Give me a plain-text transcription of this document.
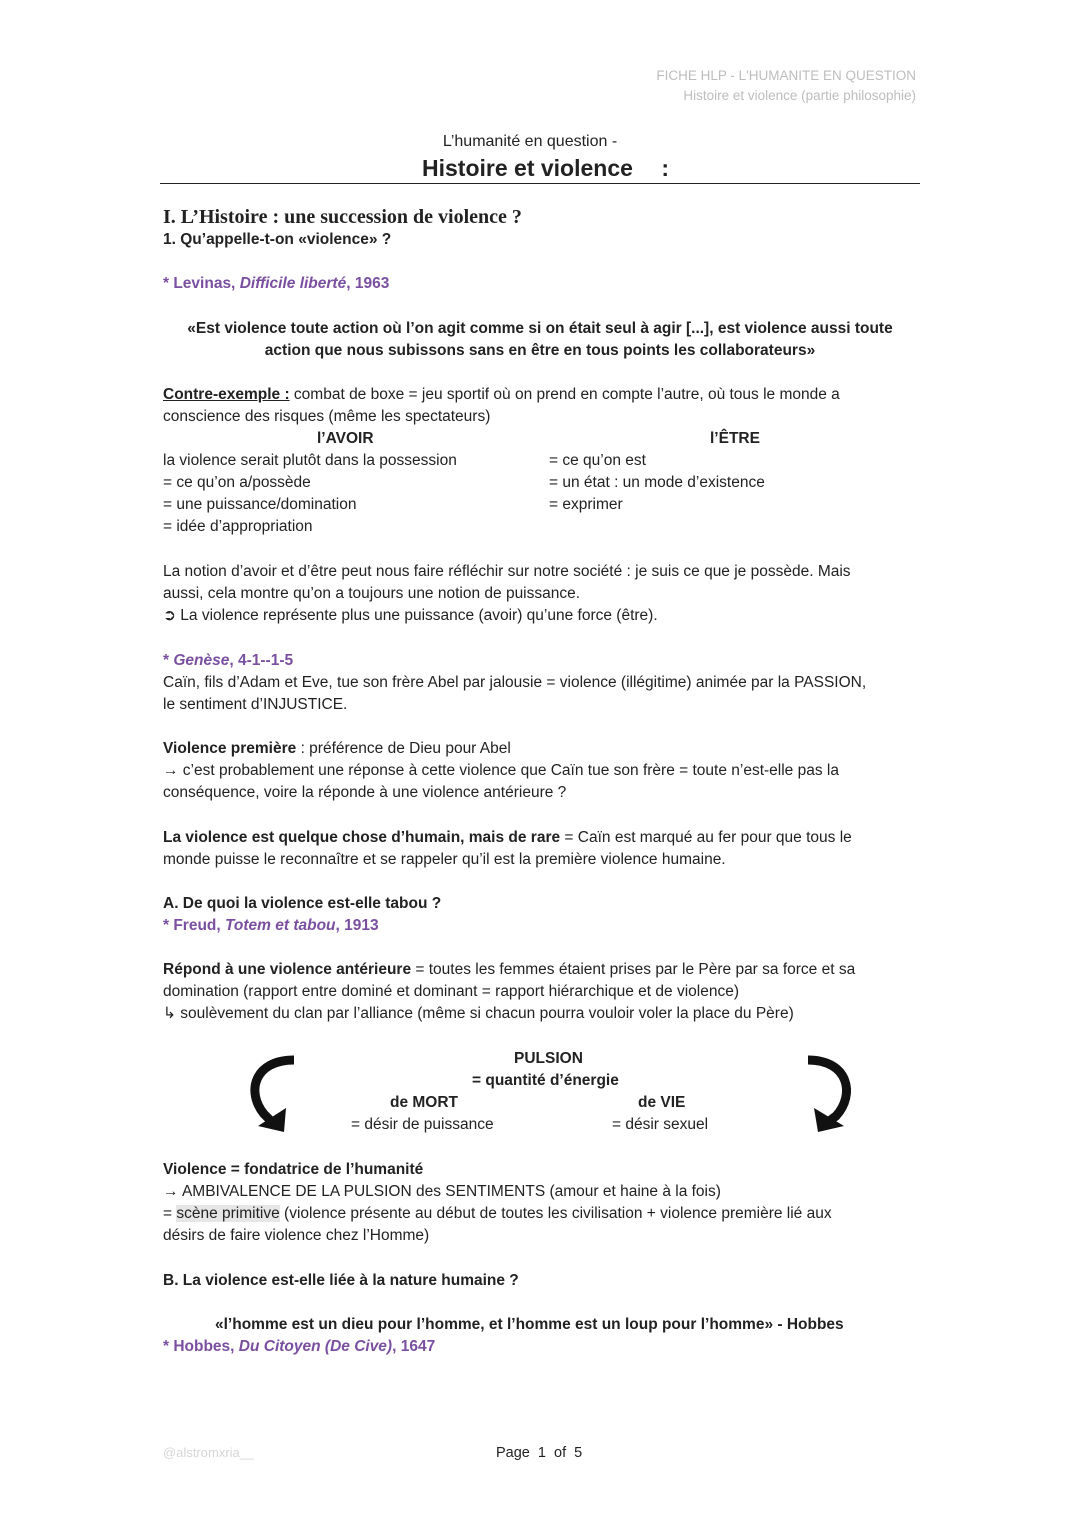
FICHE HLP - L'HUMANITE EN QUESTION
Histoire et violence (partie philosophie)
L’humanité en question -
Histoire et violence :
I. L’Histoire : une succession de violence ?
1. Qu’appelle-t-on «violence» ?
* Levinas, Difficile liberté, 1963
«Est violence toute action où l’on agit comme si on était seul à agir [...], est violence aussi toute
action que nous subissons sans en être en tous points les collaborateurs»
Contre-exemple : combat de boxe = jeu sportif où on prend en compte l’autre, où tous le monde a
conscience des risques (même les spectateurs)
l’AVOIR	l’ÊTRE
la violence serait plutôt dans la possession
= ce qu’on a/possède
= une puissance/domination
= idée d’appropriation
= ce qu’on est
= un état : un mode d’existence
= exprimer
La notion d’avoir et d’être peut nous faire réfléchir sur notre société : je suis ce que je possède. Mais
aussi, cela montre qu’on a toujours une notion de puissance.
➲ La violence représente plus une puissance (avoir) qu’une force (être).
* Genèse, 4-1--1-5
Caïn, fils d’Adam et Eve, tue son frère Abel par jalousie = violence (illégitime) animée par la PASSION,
le sentiment d’INJUSTICE.
Violence première : préférence de Dieu pour Abel
→ c’est probablement une réponse à cette violence que Caïn tue son frère = toute n’est-elle pas la
conséquence, voire la réponde à une violence antérieure ?
La violence est quelque chose d’humain, mais de rare = Caïn est marqué au fer pour que tous le
monde puisse le reconnaître et se rappeler qu’il est la première violence humaine.
A. De quoi la violence est-elle tabou ?
* Freud, Totem et tabou, 1913
Répond à une violence antérieure = toutes les femmes étaient prises par le Père par sa force et sa
domination (rapport entre dominé et dominant = rapport hiérarchique et de violence)
↳ soulèvement du clan par l’alliance (même si chacun pourra vouloir voler la place du Père)
PULSION
= quantité d’énergie
de MORT
= désir de puissance
de VIE
= désir sexuel
Violence = fondatrice de l’humanité
→ AMBIVALENCE DE LA PULSION des SENTIMENTS (amour et haine à la fois)
= scène primitive (violence présente au début de toutes les civilisation + violence première lié aux
désirs de faire violence chez l’Homme)
B. La violence est-elle liée à la nature humaine ?
«l’homme est un dieu pour l’homme, et l’homme est un loup pour l’homme» - Hobbes
* Hobbes, Du Citoyen (De Cive), 1647
@alstromxria__	Page 1 of 5
